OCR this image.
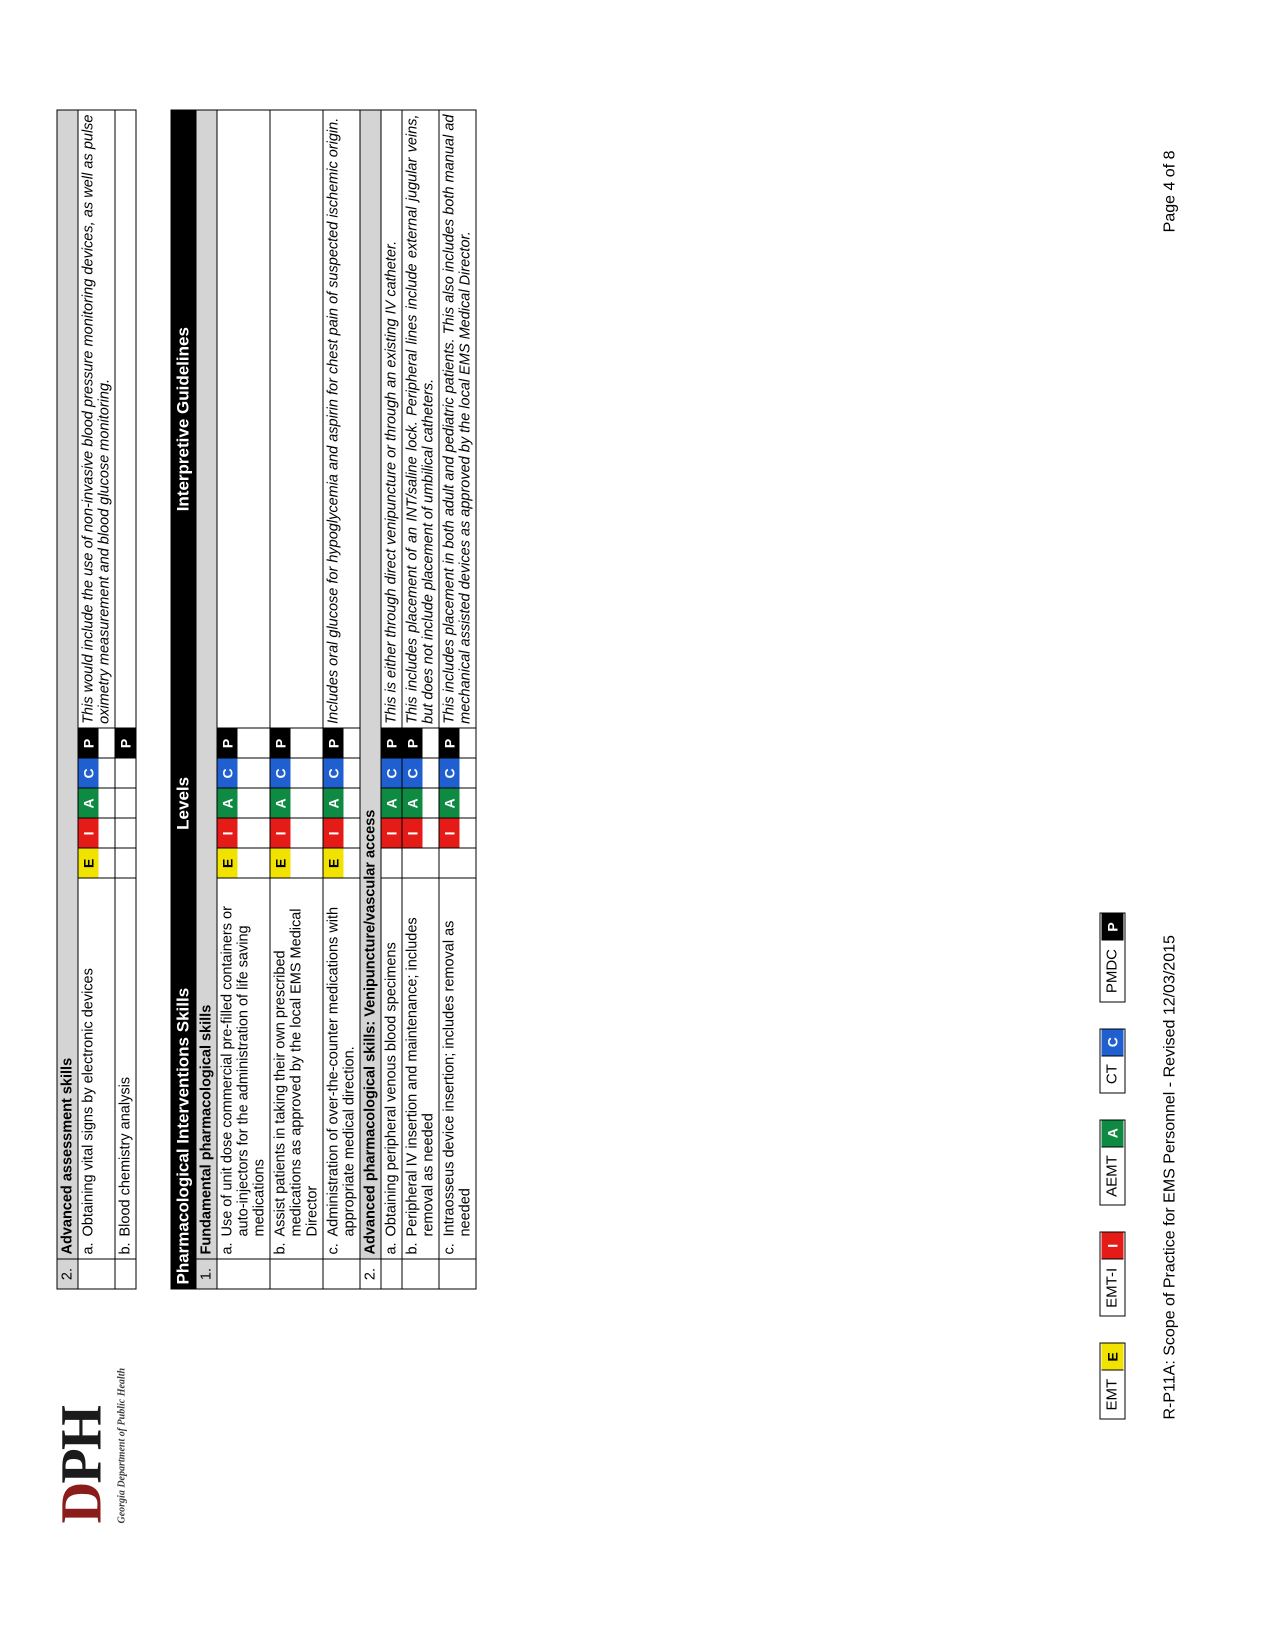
DPH Georgia Department of Public Health
2.	Advanced assessment skills						

	a.
Obtaining vital signs by electronic devices	E	I	A	C	P	This would include the use of non-invasive blood pressure monitoring devices, as well as pulse oximetry measurement and blood glucose monitoring.

	b.
Blood chemistry analysis					P	

Pharmacological Interventions Skills		Levels					Interpretive Guidelines
1.	Fundamental pharmacological skills						

	a.
Use of unit dose commercial pre-filled containers or auto-injectors for the administration of life saving medications	E	I	A	C	P	

	b.
Assist patients in taking their own prescribed medications as approved by the local EMS Medical Director	E	I	A	C	P	

	c.
Administration of over-the-counter medications with appropriate medical direction.	E	I	A	C	P	Includes oral glucose for hypoglycemia and aspirin for chest pain of suspected ischemic origin.
2.	Advanced pharmacological skills: Venipuncture/vascular access						

	a.
Obtaining peripheral venous blood specimens		I	A	C	P	This is either through direct venipuncture or through an existing IV catheter.

	b.
Peripheral IV insertion and maintenance; includes removal as needed		I	A	C	P	This includes placement of an INT/saline lock. Peripheral lines include external jugular veins, but does not include placement of umbilical catheters.

	c.
Intraosseus device insertion; includes removal as needed		I	A	C	P	This includes placement in both adult and pediatric patients. This also includes both manual ad mechanical assisted devices as approved by the local EMS Medical Director.
EMT
E
EMT-I
I
AEMT
A
CT
C
PMDC
P
R-P11A: Scope of Practice for EMS Personnel - Revised 12/03/2015
Page 4 of 8
